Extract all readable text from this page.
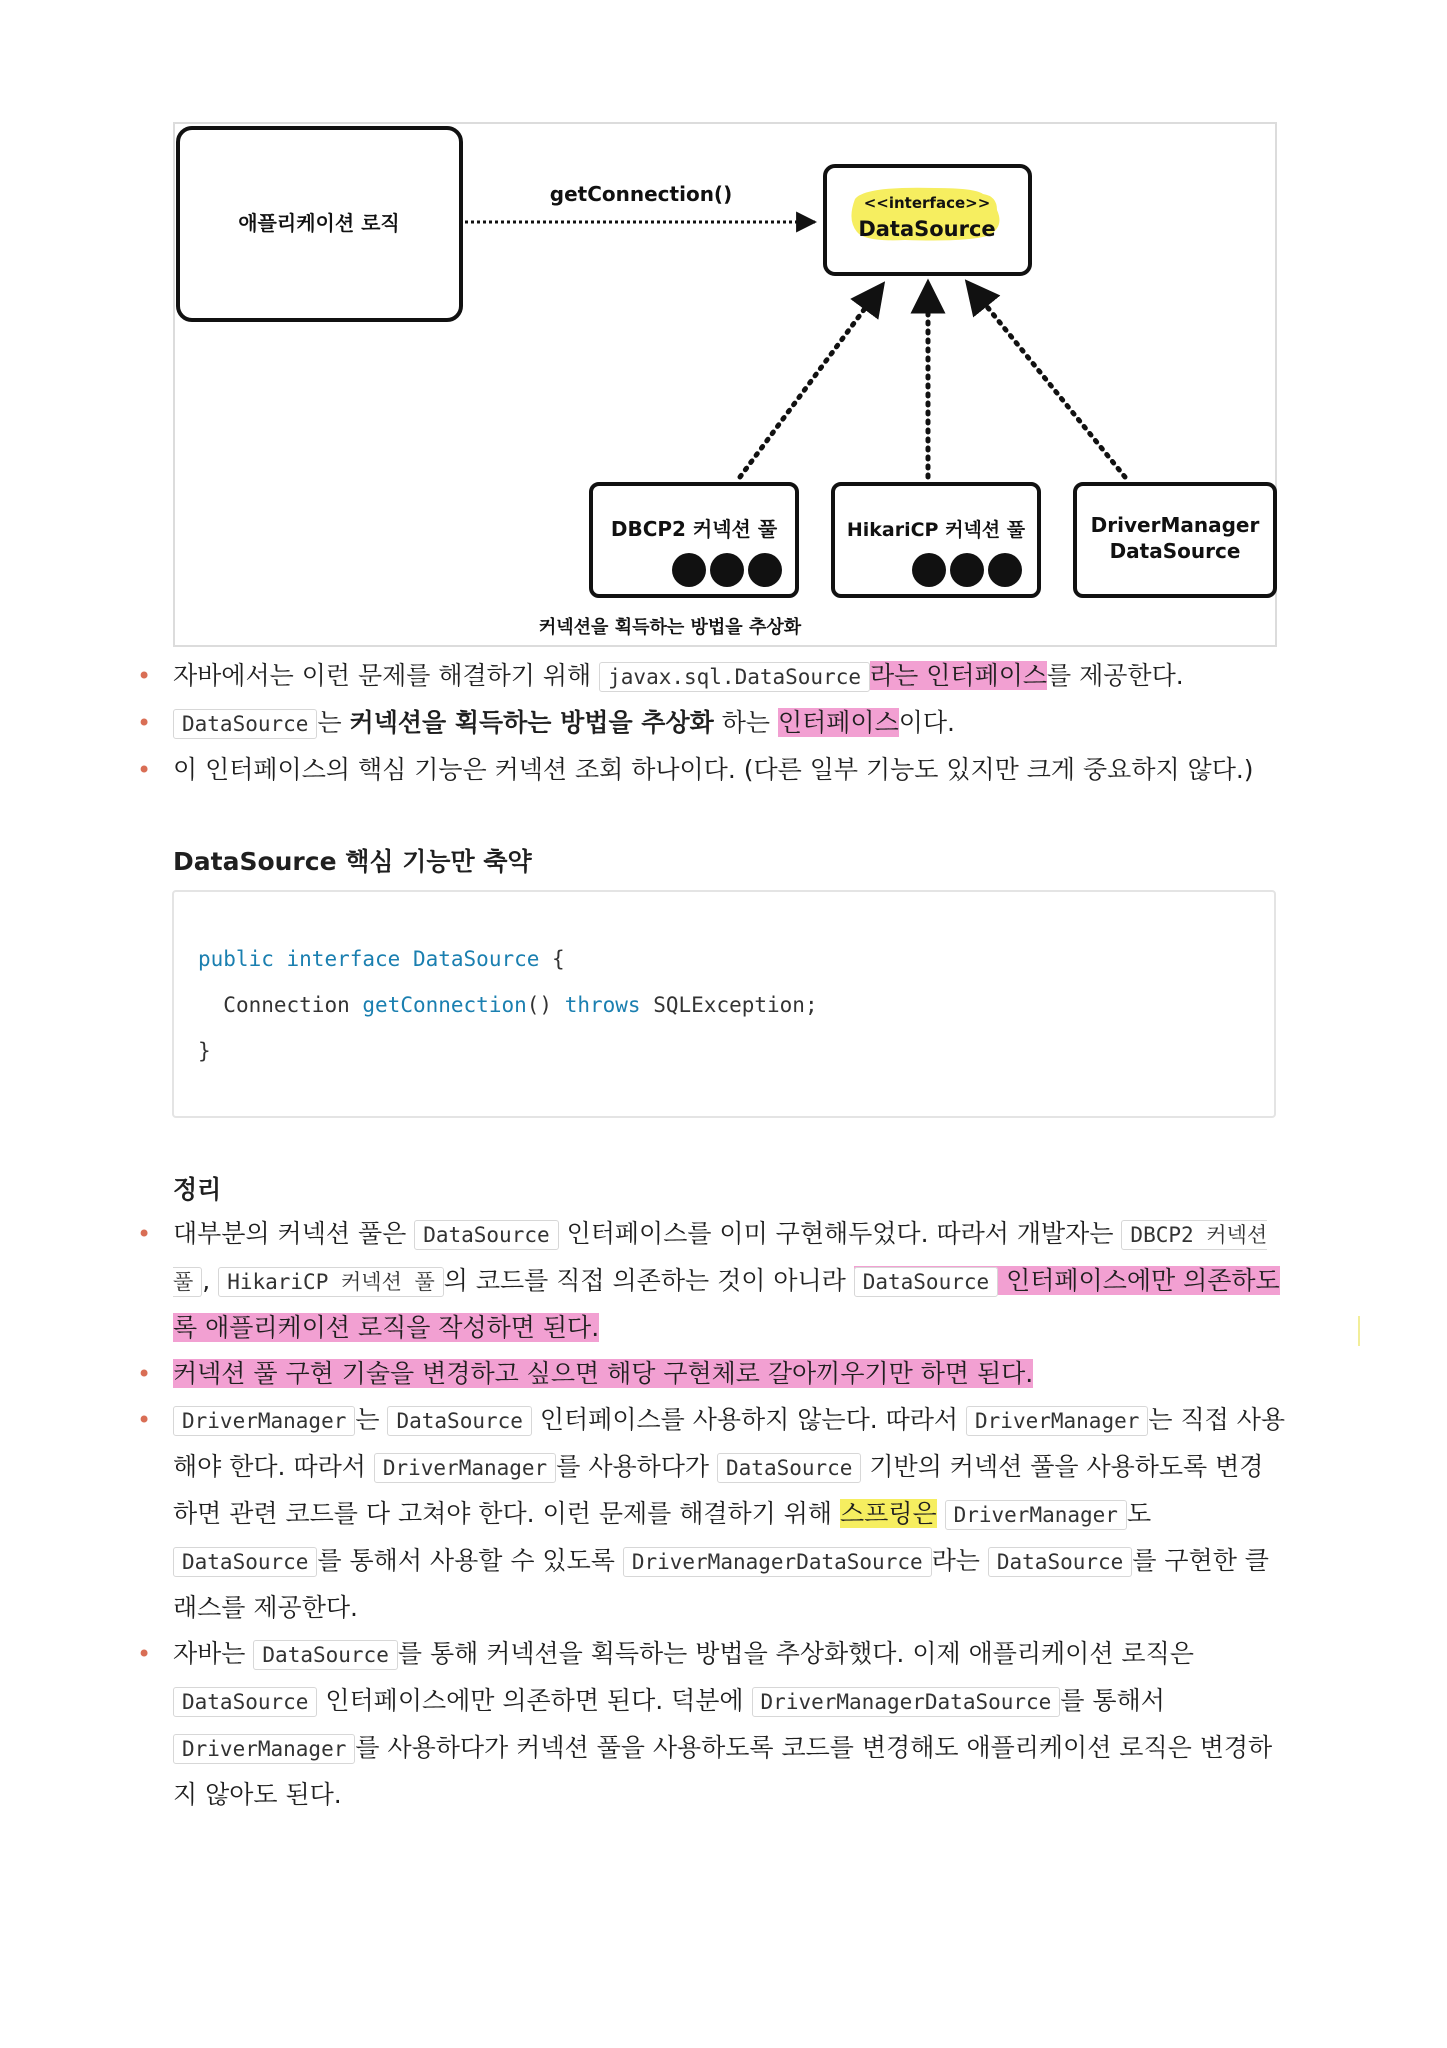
애플리케이션 로직
getConnection()	<<interface>>
DataSource
DBCP2 커넥션 풀	HikariCP 커넥션 풀	DriverManager
DataSource
커넥션을 획득하는 방법을 추상화
• 자바에서는 이런 문제를 해결하기 위해 javax.sql.DataSource 라는 인터페이스를 제공한다.
• DataSource 는 커넥션을 획득하는 방법을 추상화 하는 인터페이스이다.
• 이 인터페이스의 핵심 기능은 커넥션 조회 하나이다. (다른 일부 기능도 있지만 크게 중요하지 않다.)
DataSource 핵심 기능만 축약
public interface DataSource {
Connection getConnection() throws SQLException;
}
정리
• 대부분의 커넥션 풀은 DataSource 인터페이스를 이미 구현해두었다. 따라서 개발자는 DBCP2 커넥션 풀 , HikariCP 커넥션 풀 의 코드를 직접 의존하는 것이 아니라 DataSource 인터페이스에만 의존하도록 애플리케이션 로직을 작성하면 된다.
• 커넥션 풀 구현 기술을 변경하고 싶으면 해당 구현체로 갈아끼우기만 하면 된다.
• DriverManager 는 DataSource 인터페이스를 사용하지 않는다. 따라서 DriverManager 는 직접 사용해야 한다. 따라서 DriverManager 를 사용하다가 DataSource 기반의 커넥션 풀을 사용하도록 변경하면 관련 코드를 다 고쳐야 한다. 이런 문제를 해결하기 위해 스프링은 DriverManager 도 DataSource 를 통해서 사용할 수 있도록 DriverManagerDataSource 라는 DataSource 를 구현한 클래스를 제공한다.
• 자바는 DataSource 를 통해 커넥션을 획득하는 방법을 추상화했다. 이제 애플리케이션 로직은 DataSource 인터페이스에만 의존하면 된다. 덕분에 DriverManagerDataSource 를 통해서 DriverManager 를 사용하다가 커넥션 풀을 사용하도록 코드를 변경해도 애플리케이션 로직은 변경하지 않아도 된다.
